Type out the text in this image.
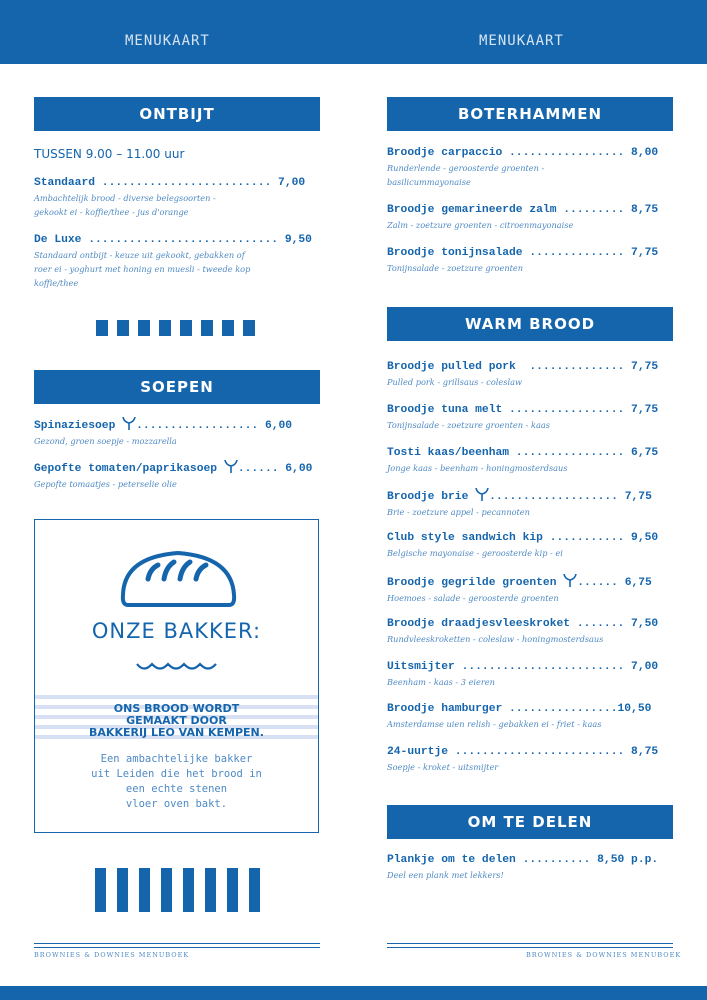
MENUKAART	MENUKAART
ONTBIJT
TUSSEN 9.00 – 11.00 uur
Standaard ......................... 7,00
Ambachtelijk brood - diverse belegsoorten -
gekookt ei - koffie/thee - jus d'orange
De Luxe ............................ 9,50
Standaard ontbijt - keuze uit gekookt, gebakken of
roer ei - yoghurt met honing en muesli - tweede kop
koffie/thee
SOEPEN
Spinaziesoep .................. 6,00
Gezond, groen soepje - mozzarella
Gepofte tomaten/paprikasoep ...... 6,00
Gepofte tomaatjes - peterselie olie
ONZE BAKKER:
ONS BROOD WORDT
GEMAAKT DOOR
BAKKERIJ LEO VAN KEMPEN.
Een ambachtelijke bakker
uit Leiden die het brood in
een echte stenen
vloer oven bakt.
BROWNIES & DOWNIES MENUBOEK
BOTERHAMMEN
Broodje carpaccio ................. 8,00
Runderlende - geroosterde groenten -
basilicummayonaise
Broodje gemarineerde zalm ......... 8,75
Zalm - zoetzure groenten - citroenmayonaise
Broodje tonijnsalade .............. 7,75
Tonijnsalade - zoetzure groenten
WARM BROOD
Broodje pulled pork  .............. 7,75
Pulled pork - grillsaus - coleslaw
Broodje tuna melt ................. 7,75
Tonijnsalade - zoetzure groenten - kaas
Tosti kaas/beenham ................ 6,75
Jonge kaas - beenham - honingmosterdsaus
Broodje brie ................... 7,75
Brie - zoetzure appel - pecannoten
Club style sandwich kip ........... 9,50
Belgische mayonaise - geroosterde kip - ei
Broodje gegrilde groenten ...... 6,75
Hoemoes - salade - geroosterde groenten
Broodje draadjesvleeskroket ....... 7,50
Rundvleeskroketten - coleslaw - honingmosterdsaus
Uitsmijter ........................ 7,00
Beenham - kaas - 3 eieren
Broodje hamburger ................10,50
Amsterdamse uien relish - gebakken ei - friet - kaas
24-uurtje ......................... 8,75
Soepje - kroket - uitsmijter
OM TE DELEN
Plankje om te delen .......... 8,50 p.p.
Deel een plank met lekkers!
BROWNIES & DOWNIES MENUBOEK
